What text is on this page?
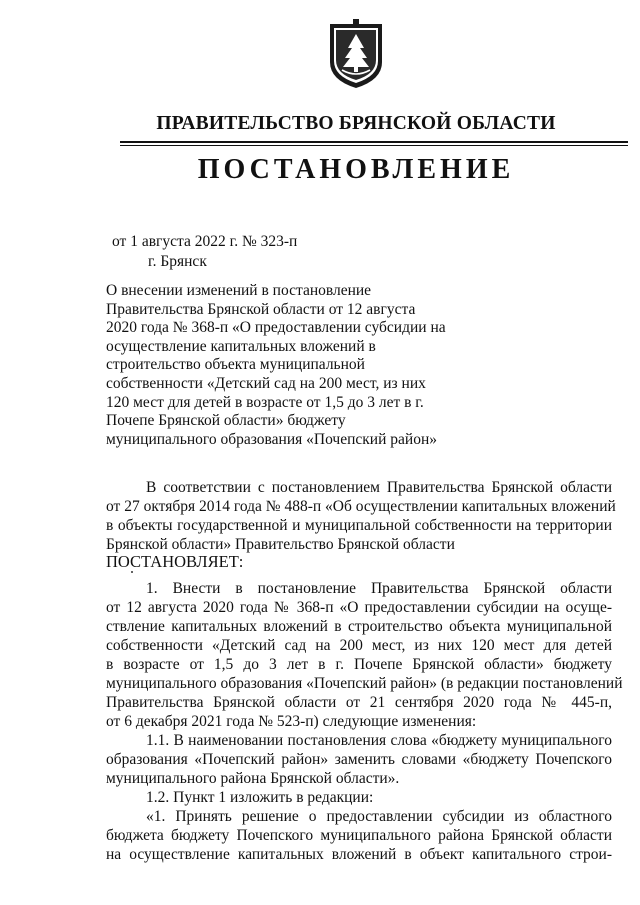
ПРАВИТЕЛЬСТВО БРЯНСКОЙ ОБЛАСТИ
ПОСТАНОВЛЕНИЕ
от 1 августа 2022 г. № 323-п
г. Брянск
О внесении изменений в постановление Правительства Брянской области от 12 августа 2020 года № 368-п «О предоставлении субсидии на осуществление капитальных вложений в строительство объекта муниципальной собственности «Детский сад на 200 мест, из них 120 мест для детей в возрасте от 1,5 до 3 лет в г. Почепе Брянской области» бюджету муниципального образования «Почепский район»
В соответствии с постановлением Правительства Брянской области
от 27 октября 2014 года № 488-п «Об осуществлении капитальных вложений
в объекты государственной и муниципальной собственности на территории
Брянской области» Правительство Брянской области
ПОСТАНОВЛЯЕТ:
1. Внести в постановление Правительства Брянской области
от 12 августа 2020 года № 368-п «О предоставлении субсидии на осуще-
ствление капитальных вложений в строительство объекта муниципальной
собственности «Детский сад на 200 мест, из них 120 мест для детей
в возрасте от 1,5 до 3 лет в г. Почепе Брянской области» бюджету
муниципального образования «Почепский район» (в редакции постановлений
Правительства Брянской области от 21 сентября 2020 года № 445-п,
от 6 декабря 2021 года № 523-п) следующие изменения:
1.1. В наименовании постановления слова «бюджету муниципального
образования «Почепский район» заменить словами «бюджету Почепского
муниципального района Брянской области».
1.2. Пункт 1 изложить в редакции:
«1. Принять решение о предоставлении субсидии из областного
бюджета бюджету Почепского муниципального района Брянской области
на осуществление капитальных вложений в объект капитального строи-
